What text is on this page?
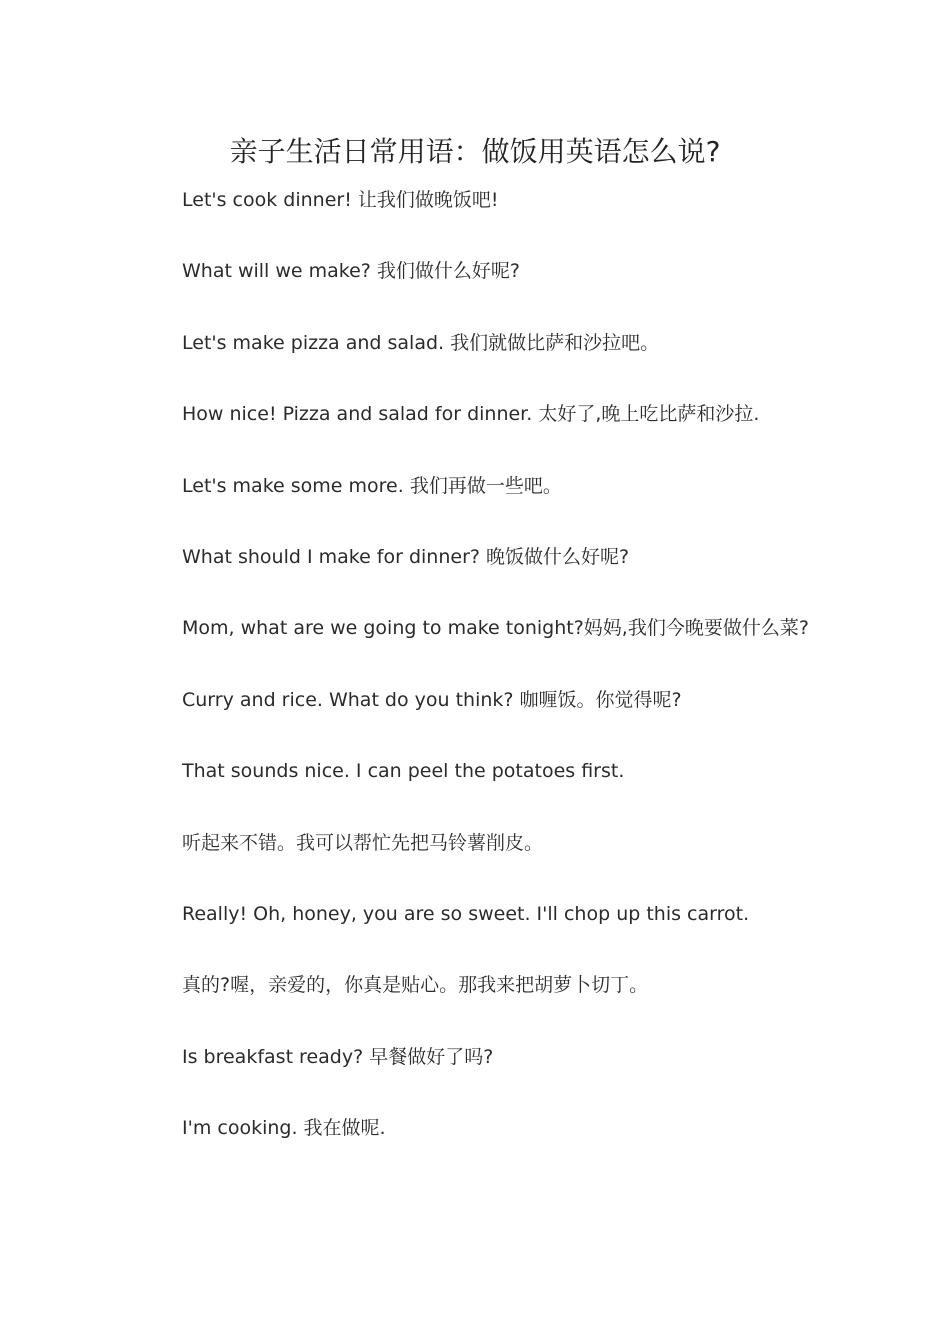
亲子生活日常用语：做饭用英语怎么说?
Let's cook dinner! 让我们做晚饭吧!
What will we make? 我们做什么好呢?
Let's make pizza and salad. 我们就做比萨和沙拉吧。
How nice! Pizza and salad for dinner. 太好了,晚上吃比萨和沙拉.
Let's make some more. 我们再做一些吧。
What should I make for dinner? 晚饭做什么好呢?
Mom, what are we going to make tonight?妈妈,我们今晚要做什么菜?
Curry and rice. What do you think? 咖喱饭。你觉得呢?
That sounds nice. I can peel the potatoes first.
听起来不错。我可以帮忙先把马铃薯削皮。
Really! Oh, honey, you are so sweet. I'll chop up this carrot.
真的?喔，亲爱的，你真是贴心。那我来把胡萝卜切丁。
Is breakfast ready? 早餐做好了吗?
I'm cooking. 我在做呢.
